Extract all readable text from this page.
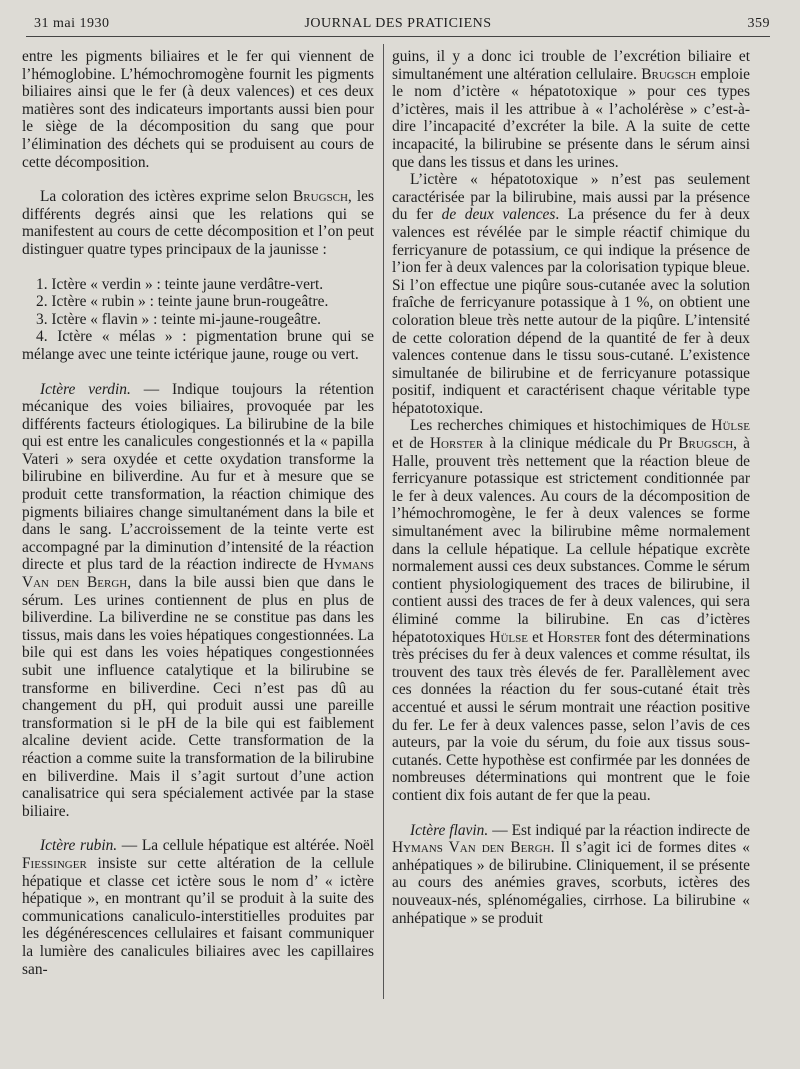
31 mai 1930	JOURNAL DES PRATICIENS	359

entre les pigments biliaires et le fer qui viennent de l’hémoglobine. L’hémochromogène fournit les pigments biliaires ainsi que le fer (à deux valences) et ces deux matières sont des indicateurs importants aussi bien pour le siège de la décomposition du sang que pour l’élimination des déchets qui se produisent au cours de cette décomposition.

La coloration des ictères exprime selon Brugsch, les différents degrés ainsi que les relations qui se manifestent au cours de cette décomposition et l’on peut distinguer quatre types principaux de la jaunisse :

1. Ictère « verdin » : teinte jaune verdâtre-vert.

2. Ictère « rubin » : teinte jaune brun-rougeâtre.

3. Ictère « flavin » : teinte mi-jaune-rougeâtre.

4. Ictère « mélas » : pigmentation brune qui se mélange avec une teinte ictérique jaune, rouge ou vert.

Ictère verdin. — Indique toujours la rétention mécanique des voies biliaires, provoquée par les différents facteurs étiologiques. La bilirubine de la bile qui est entre les canalicules congestionnés et la « papilla Vateri » sera oxydée et cette oxydation transforme la bilirubine en biliverdine. Au fur et à mesure que se produit cette transformation, la réaction chimique des pigments biliaires change simultanément dans la bile et dans le sang. L’accroissement de la teinte verte est accompagné par la diminution d’intensité de la réaction directe et plus tard de la réaction indirecte de Hymans Van den Bergh, dans la bile aussi bien que dans le sérum. Les urines contiennent de plus en plus de biliverdine. La biliverdine ne se constitue pas dans les tissus, mais dans les voies hépatiques congestionnées. La bile qui est dans les voies hépatiques congestionnées subit une influence catalytique et la bilirubine se transforme en biliverdine. Ceci n’est pas dû au changement du pH, qui produit aussi une pareille transformation si le pH de la bile qui est faiblement alcaline devient acide. Cette transformation de la réaction a comme suite la transformation de la bilirubine en biliverdine. Mais il s’agit surtout d’une action canalisatrice qui sera spécialement activée par la stase biliaire.

Ictère rubin. — La cellule hépatique est altérée. Noël Fiessinger insiste sur cette altération de la cellule hépatique et classe cet ictère sous le nom d’ « ictère hépatique », en montrant qu’il se produit à la suite des communications canaliculo-interstitielles produites par les dégénérescences cellulaires et faisant communiquer la lumière des canalicules biliaires avec les capillaires san-

guins, il y a donc ici trouble de l’excrétion biliaire et simultanément une altération cellulaire. Brugsch emploie le nom d’ictère « hépatotoxique » pour ces types d’ictères, mais il les attribue à « l’acholérèse » c’est-à-dire l’incapacité d’excréter la bile. A la suite de cette incapacité, la bilirubine se présente dans le sérum ainsi que dans les tissus et dans les urines.

L’ictère « hépatotoxique » n’est pas seulement caractérisée par la bilirubine, mais aussi par la présence du fer de deux valences. La présence du fer à deux valences est révélée par le simple réactif chimique du ferricyanure de potassium, ce qui indique la présence de l’ion fer à deux valences par la colorisation typique bleue. Si l’on effectue une piqûre sous-cutanée avec la solution fraîche de ferricyanure potassique à 1 %, on obtient une coloration bleue très nette autour de la piqûre. L’intensité de cette coloration dépend de la quantité de fer à deux valences contenue dans le tissu sous-cutané. L’existence simultanée de bilirubine et de ferricyanure potassique positif, indiquent et caractérisent chaque véritable type hépatotoxique.

Les recherches chimiques et histochimiques de Hülse et de Horster à la clinique médicale du Pr Brugsch, à Halle, prouvent très nettement que la réaction bleue de ferricyanure potassique est strictement conditionnée par le fer à deux valences. Au cours de la décomposition de l’hémochromogène, le fer à deux valences se forme simultanément avec la bilirubine même normalement dans la cellule hépatique. La cellule hépatique excrète normalement aussi ces deux substances. Comme le sérum contient physiologiquement des traces de bilirubine, il contient aussi des traces de fer à deux valences, qui sera éliminé comme la bilirubine. En cas d’ictères hépatotoxiques Hülse et Horster font des déterminations très précises du fer à deux valences et comme résultat, ils trouvent des taux très élevés de fer. Parallèlement avec ces données la réaction du fer sous-cutané était très accentué et aussi le sérum montrait une réaction positive du fer. Le fer à deux valences passe, selon l’avis de ces auteurs, par la voie du sérum, du foie aux tissus sous-cutanés. Cette hypothèse est confirmée par les données de nombreuses déterminations qui montrent que le foie contient dix fois autant de fer que la peau.

Ictère flavin. — Est indiqué par la réaction indirecte de Hymans Van den Bergh. Il s’agit ici de formes dites « anhépatiques » de bilirubine. Cliniquement, il se présente au cours des anémies graves, scorbuts, ictères des nouveaux-nés, splénomégalies, cirrhose. La bilirubine « anhépatique » se produit
